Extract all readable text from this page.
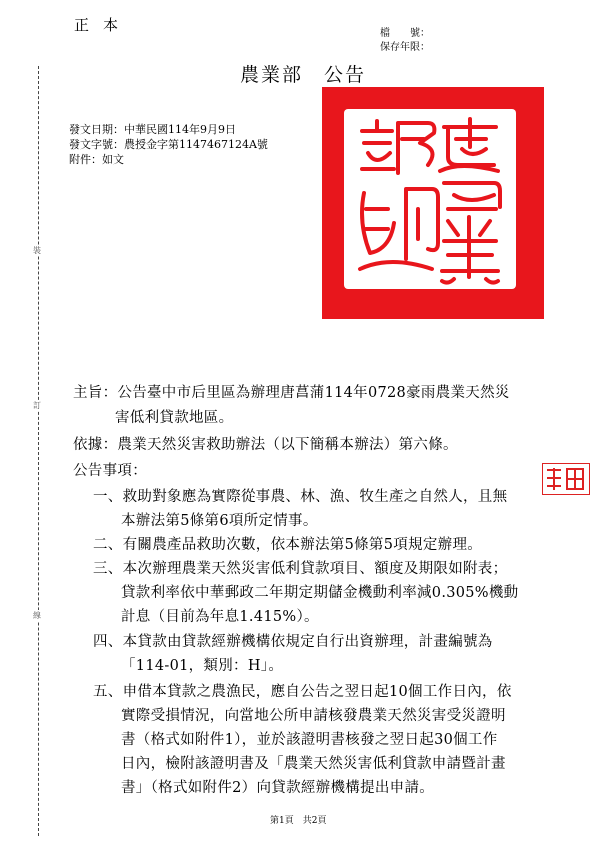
正本	檔　　號：
保存年限：
農業部　公告
裝
訂
線
發文日期：中華民國114年9月9日
發文字號：農授金字第1147467124A號
附件：如文
主旨：公告臺中市后里區為辦理唐菖蒲114年0728豪雨農業天然災
害低利貸款地區。
依據：農業天然災害救助辦法（以下簡稱本辦法）第六條。
公告事項：
一、救助對象應為實際從事農、林、漁、牧生產之自然人，且無
本辦法第5條第6項所定情事。
二、有關農產品救助次數，依本辦法第5條第5項規定辦理。
三、本次辦理農業天然災害低利貸款項目、額度及期限如附表；
貸款利率依中華郵政二年期定期儲金機動利率減0.305%機動
計息（目前為年息1.415%）。
四、本貸款由貸款經辦機構依規定自行出資辦理，計畫編號為
「114-01，類別：H」。
五、申借本貸款之農漁民，應自公告之翌日起10個工作日內，依
實際受損情況，向當地公所申請核發農業天然災害受災證明
書（格式如附件1），並於該證明書核發之翌日起30個工作
日內，檢附該證明書及「農業天然災害低利貸款申請暨計畫
書」（格式如附件2）向貸款經辦機構提出申請。
第1頁　共2頁
